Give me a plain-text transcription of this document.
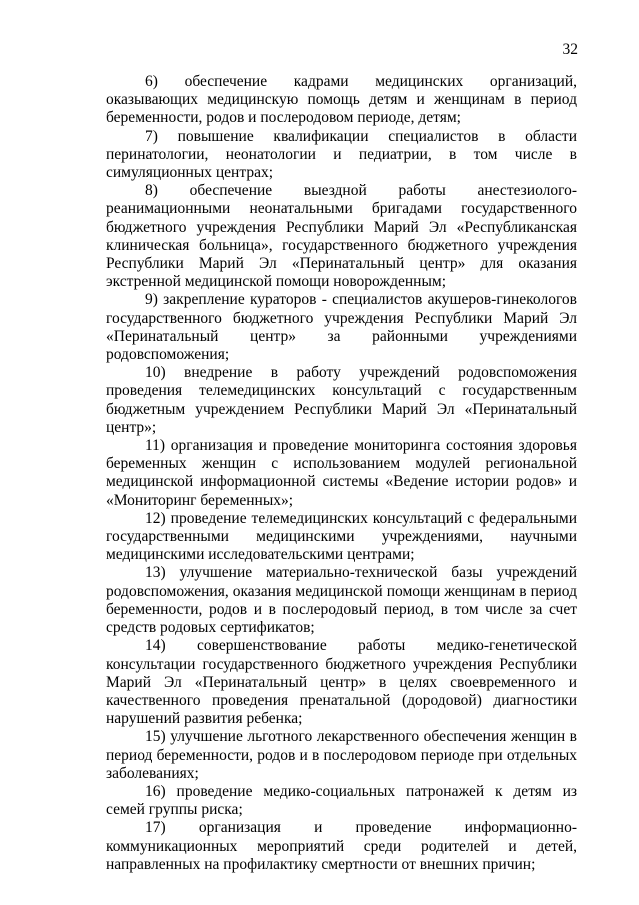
32

6) обеспечение кадрами медицинских организаций, оказывающих медицинскую помощь детям и женщинам в период беременности, родов и послеродовом периоде, детям;

7) повышение квалификации специалистов в области перинатологии, неонатологии и педиатрии, в том числе в симуляционных центрах;

8) обеспечение выездной работы анестезиолого-реанимационными неонатальными бригадами государственного бюджетного учреждения Республики Марий Эл «Республиканская клиническая больница», государственного бюджетного учреждения Республики Марий Эл «Перинатальный центр» для оказания экстренной медицинской помощи новорожденным;

9) закрепление кураторов - специалистов акушеров-гинекологов государственного бюджетного учреждения Республики Марий Эл «Перинатальный центр» за районными учреждениями родовспоможения;

10) внедрение в работу учреждений родовспоможения проведения телемедицинских консультаций с государственным бюджетным учреждением Республики Марий Эл «Перинатальный центр»;

11) организация и проведение мониторинга состояния здоровья беременных женщин с использованием модулей региональной медицинской информационной системы «Ведение истории родов» и «Мониторинг беременных»;

12) проведение телемедицинских консультаций с федеральными государственными медицинскими учреждениями, научными медицинскими исследовательскими центрами;

13) улучшение материально-технической базы учреждений родовспоможения, оказания медицинской помощи женщинам в период беременности, родов и в послеродовый период, в том числе за счет средств родовых сертификатов;

14) совершенствование работы медико-генетической консультации государственного бюджетного учреждения Республики Марий Эл «Перинатальный центр» в целях своевременного и качественного проведения пренатальной (дородовой) диагностики нарушений развития ребенка;

15) улучшение льготного лекарственного обеспечения женщин в период беременности, родов и в послеродовом периоде при отдельных заболеваниях;

16) проведение медико-социальных патронажей к детям из семей группы риска;

17) организация и проведение информационно-коммуникационных мероприятий среди родителей и детей, направленных на профилактику смертности от внешних причин;
